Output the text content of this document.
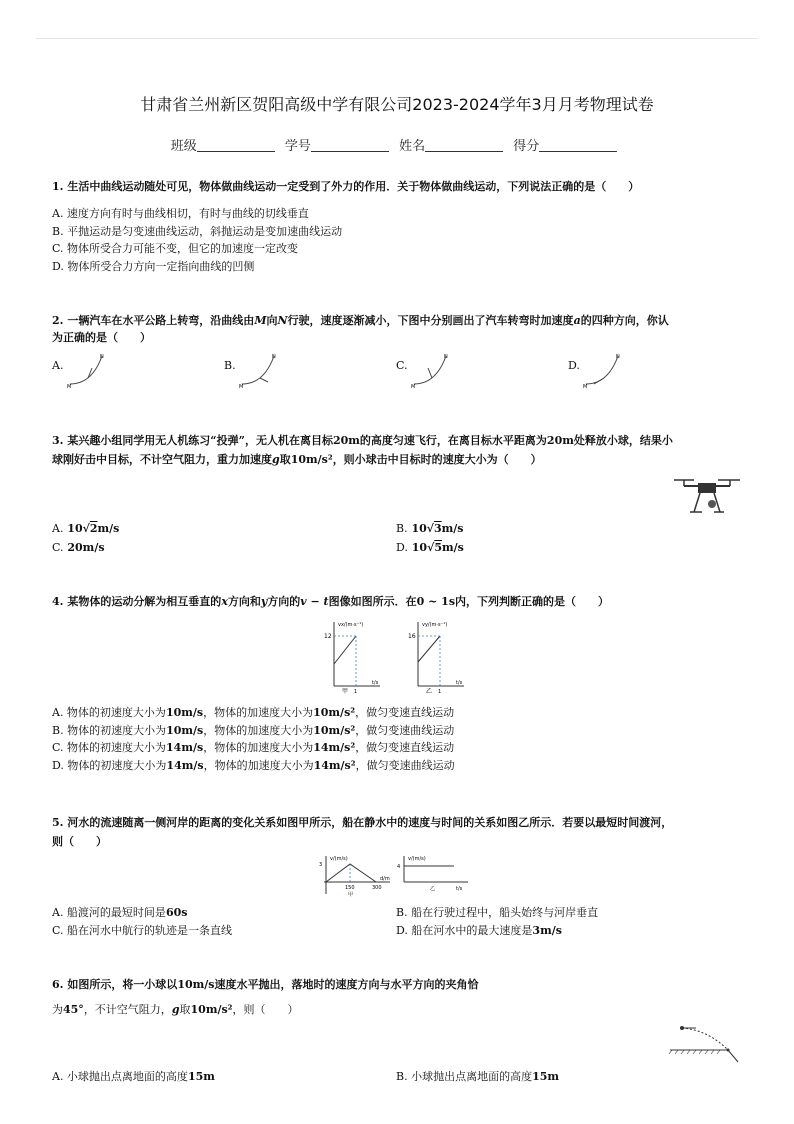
甘肃省兰州新区贺阳高级中学有限公司2023-2024学年3月月考物理试卷
班级	学号	姓名	得分
1. 生活中曲线运动随处可见，物体做曲线运动一定受到了外力的作用．关于物体做曲线运动，下列说法正确的是（　　）
A. 速度方向有时与曲线相切，有时与曲线的切线垂直
B. 平抛运动是匀变速曲线运动，斜抛运动是变加速曲线运动
C. 物体所受合力可能不变，但它的加速度一定改变
D. 物体所受合力方向一定指向曲线的凹侧
2. 一辆汽车在水平公路上转弯，沿曲线由M向N行驶，速度逐渐减小，下图中分别画出了汽车转弯时加速度a的四种方向，你认
为正确的是（　　）
A.	B.	C.	D.
M
N
M
N
M
N
M
N
3. 某兴趣小组同学用无人机练习“投弹”，无人机在离目标20m的高度匀速飞行，在离目标水平距离为20m处释放小球，结果小
球刚好击中目标，不计空气阻力，重力加速度g取10m/s²，则小球击中目标时的速度大小为（　　）
A. 10√2m/s	B. 10√3m/s
C. 20m/s	D. 10√5m/s
4. 某物体的运动分解为相互垂直的x方向和y方向的v − t图像如图所示．在0 ~ 1s内，下列判断正确的是（　　）
vx/(m·s⁻¹)
12
1
t/s
甲
vy/(m·s⁻¹)
16
1
t/s
乙
A. 物体的初速度大小为10m/s，物体的加速度大小为10m/s²，做匀变速直线运动
B. 物体的初速度大小为10m/s，物体的加速度大小为10m/s²，做匀变速曲线运动
C. 物体的初速度大小为14m/s，物体的加速度大小为14m/s²，做匀变速直线运动
D. 物体的初速度大小为14m/s，物体的加速度大小为14m/s²，做匀变速曲线运动
5. 河水的流速随离一侧河岸的距离的变化关系如图甲所示，船在静水中的速度与时间的关系如图乙所示．若要以最短时间渡河，
则（　　）
v/(m/s)
3
150	300
d/m
甲
v/(m/s)
4
t/s
乙
A. 船渡河的最短时间是60s	B. 船在行驶过程中，船头始终与河岸垂直
C. 船在河水中航行的轨迹是一条直线	D. 船在河水中的最大速度是3m/s
6. 如图所示，将一小球以10m/s速度水平抛出，落地时的速度方向与水平方向的夹角恰
为45°，不计空气阻力，g取10m/s²，则（　　）
A. 小球抛出点离地面的高度15m	B. 小球抛出点离地面的高度15m
